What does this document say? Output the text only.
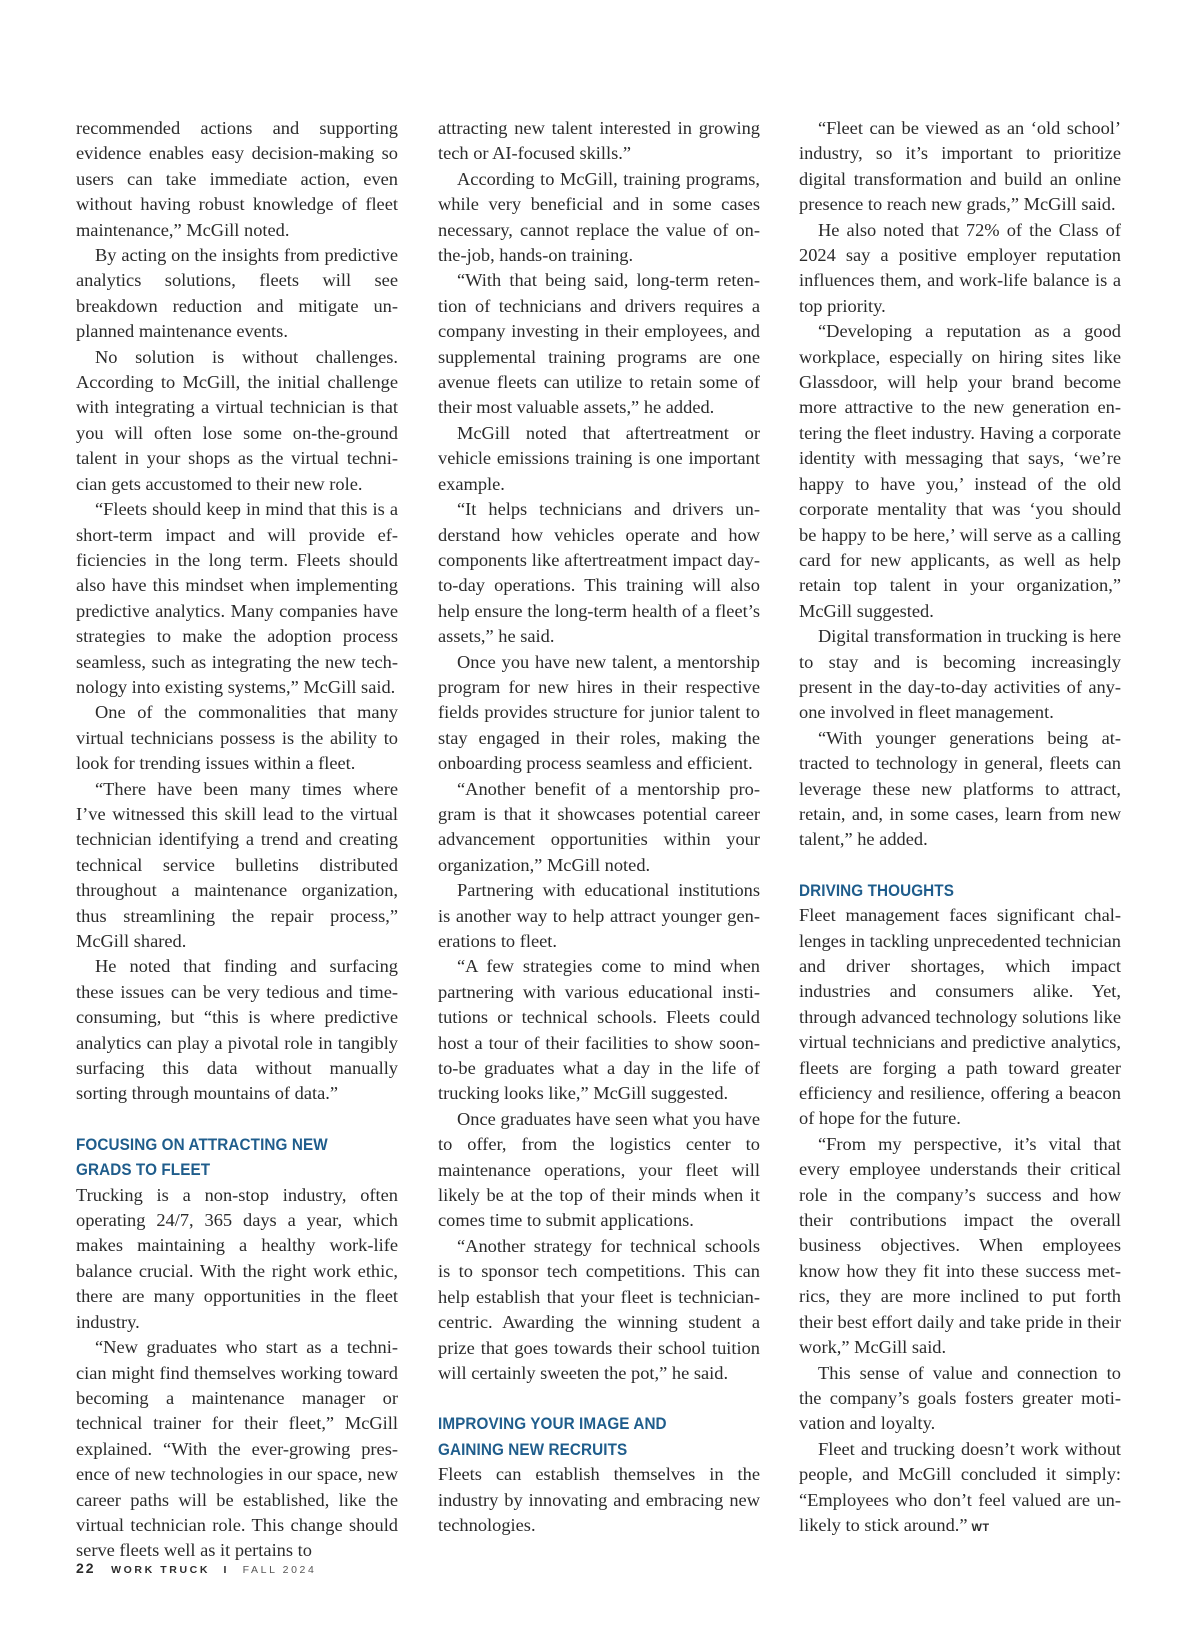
recommended actions and supporting evidence enables easy decision-making so users can take immediate action, even without having robust knowledge of fleet maintenance,” McGill noted.

By acting on the insights from predictive analytics solutions, fleets will see breakdown reduction and mitigate unplanned maintenance events.

No solution is without challenges. According to McGill, the initial challenge with integrating a virtual technician is that you will often lose some on-the-ground talent in your shops as the virtual technician gets accustomed to their new role.

“Fleets should keep in mind that this is a short-term impact and will provide efficiencies in the long term. Fleets should also have this mindset when implementing predictive analytics. Many companies have strategies to make the adoption process seamless, such as integrating the new technology into existing systems,” McGill said.

One of the commonalities that many virtual technicians possess is the ability to look for trending issues within a fleet.

“There have been many times where I’ve witnessed this skill lead to the virtual technician identifying a trend and creating technical service bulletins distributed throughout a maintenance organization, thus streamlining the repair process,” McGill shared.

He noted that finding and surfacing these issues can be very tedious and time-consuming, but “this is where predictive analytics can play a pivotal role in tangibly surfacing this data without manually sorting through mountains of data.”

FOCUSING ON ATTRACTING NEW GRADS TO FLEET

Trucking is a non-stop industry, often operating 24/7, 365 days a year, which makes maintaining a healthy work-life balance crucial. With the right work ethic, there are many opportunities in the fleet industry.

“New graduates who start as a technician might find themselves working toward becoming a maintenance manager or technical trainer for their fleet,” McGill explained. “With the ever-growing presence of new technologies in our space, new career paths will be established, like the virtual technician role. This change should serve fleets well as it pertains to

attracting new talent interested in growing tech or AI-focused skills.”

According to McGill, training programs, while very beneficial and in some cases necessary, cannot replace the value of on-the-job, hands-on training.

“With that being said, long-term retention of technicians and drivers requires a company investing in their employees, and supplemental training programs are one avenue fleets can utilize to retain some of their most valuable assets,” he added.

McGill noted that aftertreatment or vehicle emissions training is one important example.

“It helps technicians and drivers understand how vehicles operate and how components like aftertreatment impact day-to-day operations. This training will also help ensure the long-term health of a fleet’s assets,” he said.

Once you have new talent, a mentorship program for new hires in their respective fields provides structure for junior talent to stay engaged in their roles, making the onboarding process seamless and efficient.

“Another benefit of a mentorship program is that it showcases potential career advancement opportunities within your organization,” McGill noted.

Partnering with educational institutions is another way to help attract younger generations to fleet.

“A few strategies come to mind when partnering with various educational institutions or technical schools. Fleets could host a tour of their facilities to show soon-to-be graduates what a day in the life of trucking looks like,” McGill suggested.

Once graduates have seen what you have to offer, from the logistics center to maintenance operations, your fleet will likely be at the top of their minds when it comes time to submit applications.

“Another strategy for technical schools is to sponsor tech competitions. This can help establish that your fleet is technician-centric. Awarding the winning student a prize that goes towards their school tuition will certainly sweeten the pot,” he said.

IMPROVING YOUR IMAGE AND GAINING NEW RECRUITS

Fleets can establish themselves in the industry by innovating and embracing new technologies.

“Fleet can be viewed as an ‘old school’ industry, so it’s important to prioritize digital transformation and build an online presence to reach new grads,” McGill said.

He also noted that 72% of the Class of 2024 say a positive employer reputation influences them, and work-life balance is a top priority.

“Developing a reputation as a good workplace, especially on hiring sites like Glassdoor, will help your brand become more attractive to the new generation entering the fleet industry. Having a corporate identity with messaging that says, ‘we’re happy to have you,’ instead of the old corporate mentality that was ‘you should be happy to be here,’ will serve as a calling card for new applicants, as well as help retain top talent in your organization,” McGill suggested.

Digital transformation in trucking is here to stay and is becoming increasingly present in the day-to-day activities of anyone involved in fleet management.

“With younger generations being attracted to technology in general, fleets can leverage these new platforms to attract, retain, and, in some cases, learn from new talent,” he added.

DRIVING THOUGHTS

Fleet management faces significant challenges in tackling unprecedented technician and driver shortages, which impact industries and consumers alike. Yet, through advanced technology solutions like virtual technicians and predictive analytics, fleets are forging a path toward greater efficiency and resilience, offering a beacon of hope for the future.

“From my perspective, it’s vital that every employee understands their critical role in the company’s success and how their contributions impact the overall business objectives. When employees know how they fit into these success metrics, they are more inclined to put forth their best effort daily and take pride in their work,” McGill said.

This sense of value and connection to the company’s goals fosters greater motivation and loyalty.

Fleet and trucking doesn’t work without people, and McGill concluded it simply: “Employees who don’t feel valued are unlikely to stick around.” WT

22 WORK TRUCK I FALL 2024
